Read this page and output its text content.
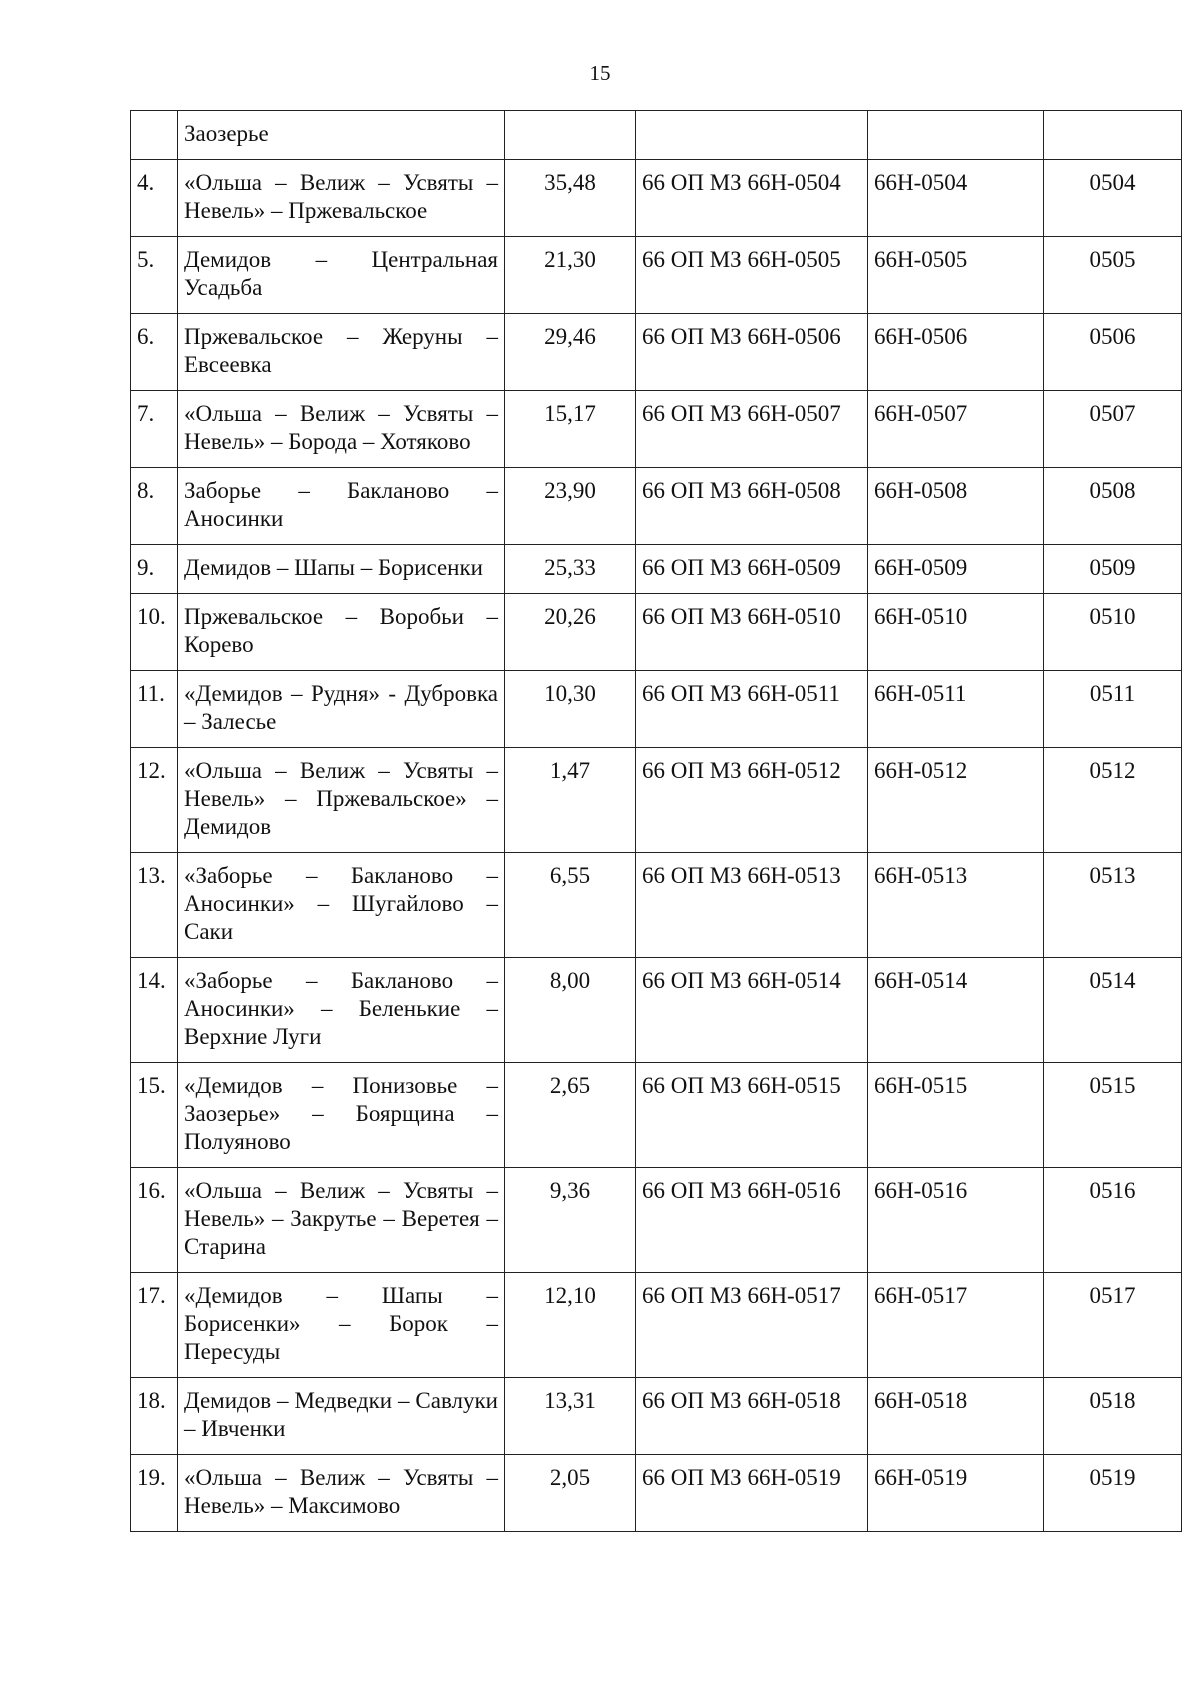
15
	Заозерье				
4.	«Ольша – Велиж – Усвяты – Невель» – Пржевальское	35,48	66 ОП МЗ 66Н-0504	66Н-0504	0504
5.	Демидов – Центральная Усадьба	21,30	66 ОП МЗ 66Н-0505	66Н-0505	0505
6.	Пржевальское – Жеруны – Евсеевка	29,46	66 ОП МЗ 66Н-0506	66Н-0506	0506
7.	«Ольша – Велиж – Усвяты – Невель» – Борода – Хотяково	15,17	66 ОП МЗ 66Н-0507	66Н-0507	0507
8.	Заборье – Бакланово – Аносинки	23,90	66 ОП МЗ 66Н-0508	66Н-0508	0508
9.	Демидов – Шапы – Борисенки	25,33	66 ОП МЗ 66Н-0509	66Н-0509	0509
10.	Пржевальское – Воробьи – Корево	20,26	66 ОП МЗ 66Н-0510	66Н-0510	0510
11.	«Демидов – Рудня» - Дубровка – Залесье	10,30	66 ОП МЗ 66Н-0511	66Н-0511	0511
12.	«Ольша – Велиж – Усвяты – Невель» – Пржевальское» – Демидов	1,47	66 ОП МЗ 66Н-0512	66Н-0512	0512
13.	«Заборье – Бакланово – Аносинки» – Шугайлово – Саки	6,55	66 ОП МЗ 66Н-0513	66Н-0513	0513
14.	«Заборье – Бакланово – Аносинки» – Беленькие – Верхние Луги	8,00	66 ОП МЗ 66Н-0514	66Н-0514	0514
15.	«Демидов – Понизовье – Заозерье» – Боярщина – Полуяново	2,65	66 ОП МЗ 66Н-0515	66Н-0515	0515
16.	«Ольша – Велиж – Усвяты – Невель» – Закрутье – Веретея – Старина	9,36	66 ОП МЗ 66Н-0516	66Н-0516	0516
17.	«Демидов – Шапы – Борисенки» – Борок – Пересуды	12,10	66 ОП МЗ 66Н-0517	66Н-0517	0517
18.	Демидов – Медведки – Савлуки – Ивченки	13,31	66 ОП МЗ 66Н-0518	66Н-0518	0518
19.	«Ольша – Велиж – Усвяты – Невель» – Максимово	2,05	66 ОП МЗ 66Н-0519	66Н-0519	0519
